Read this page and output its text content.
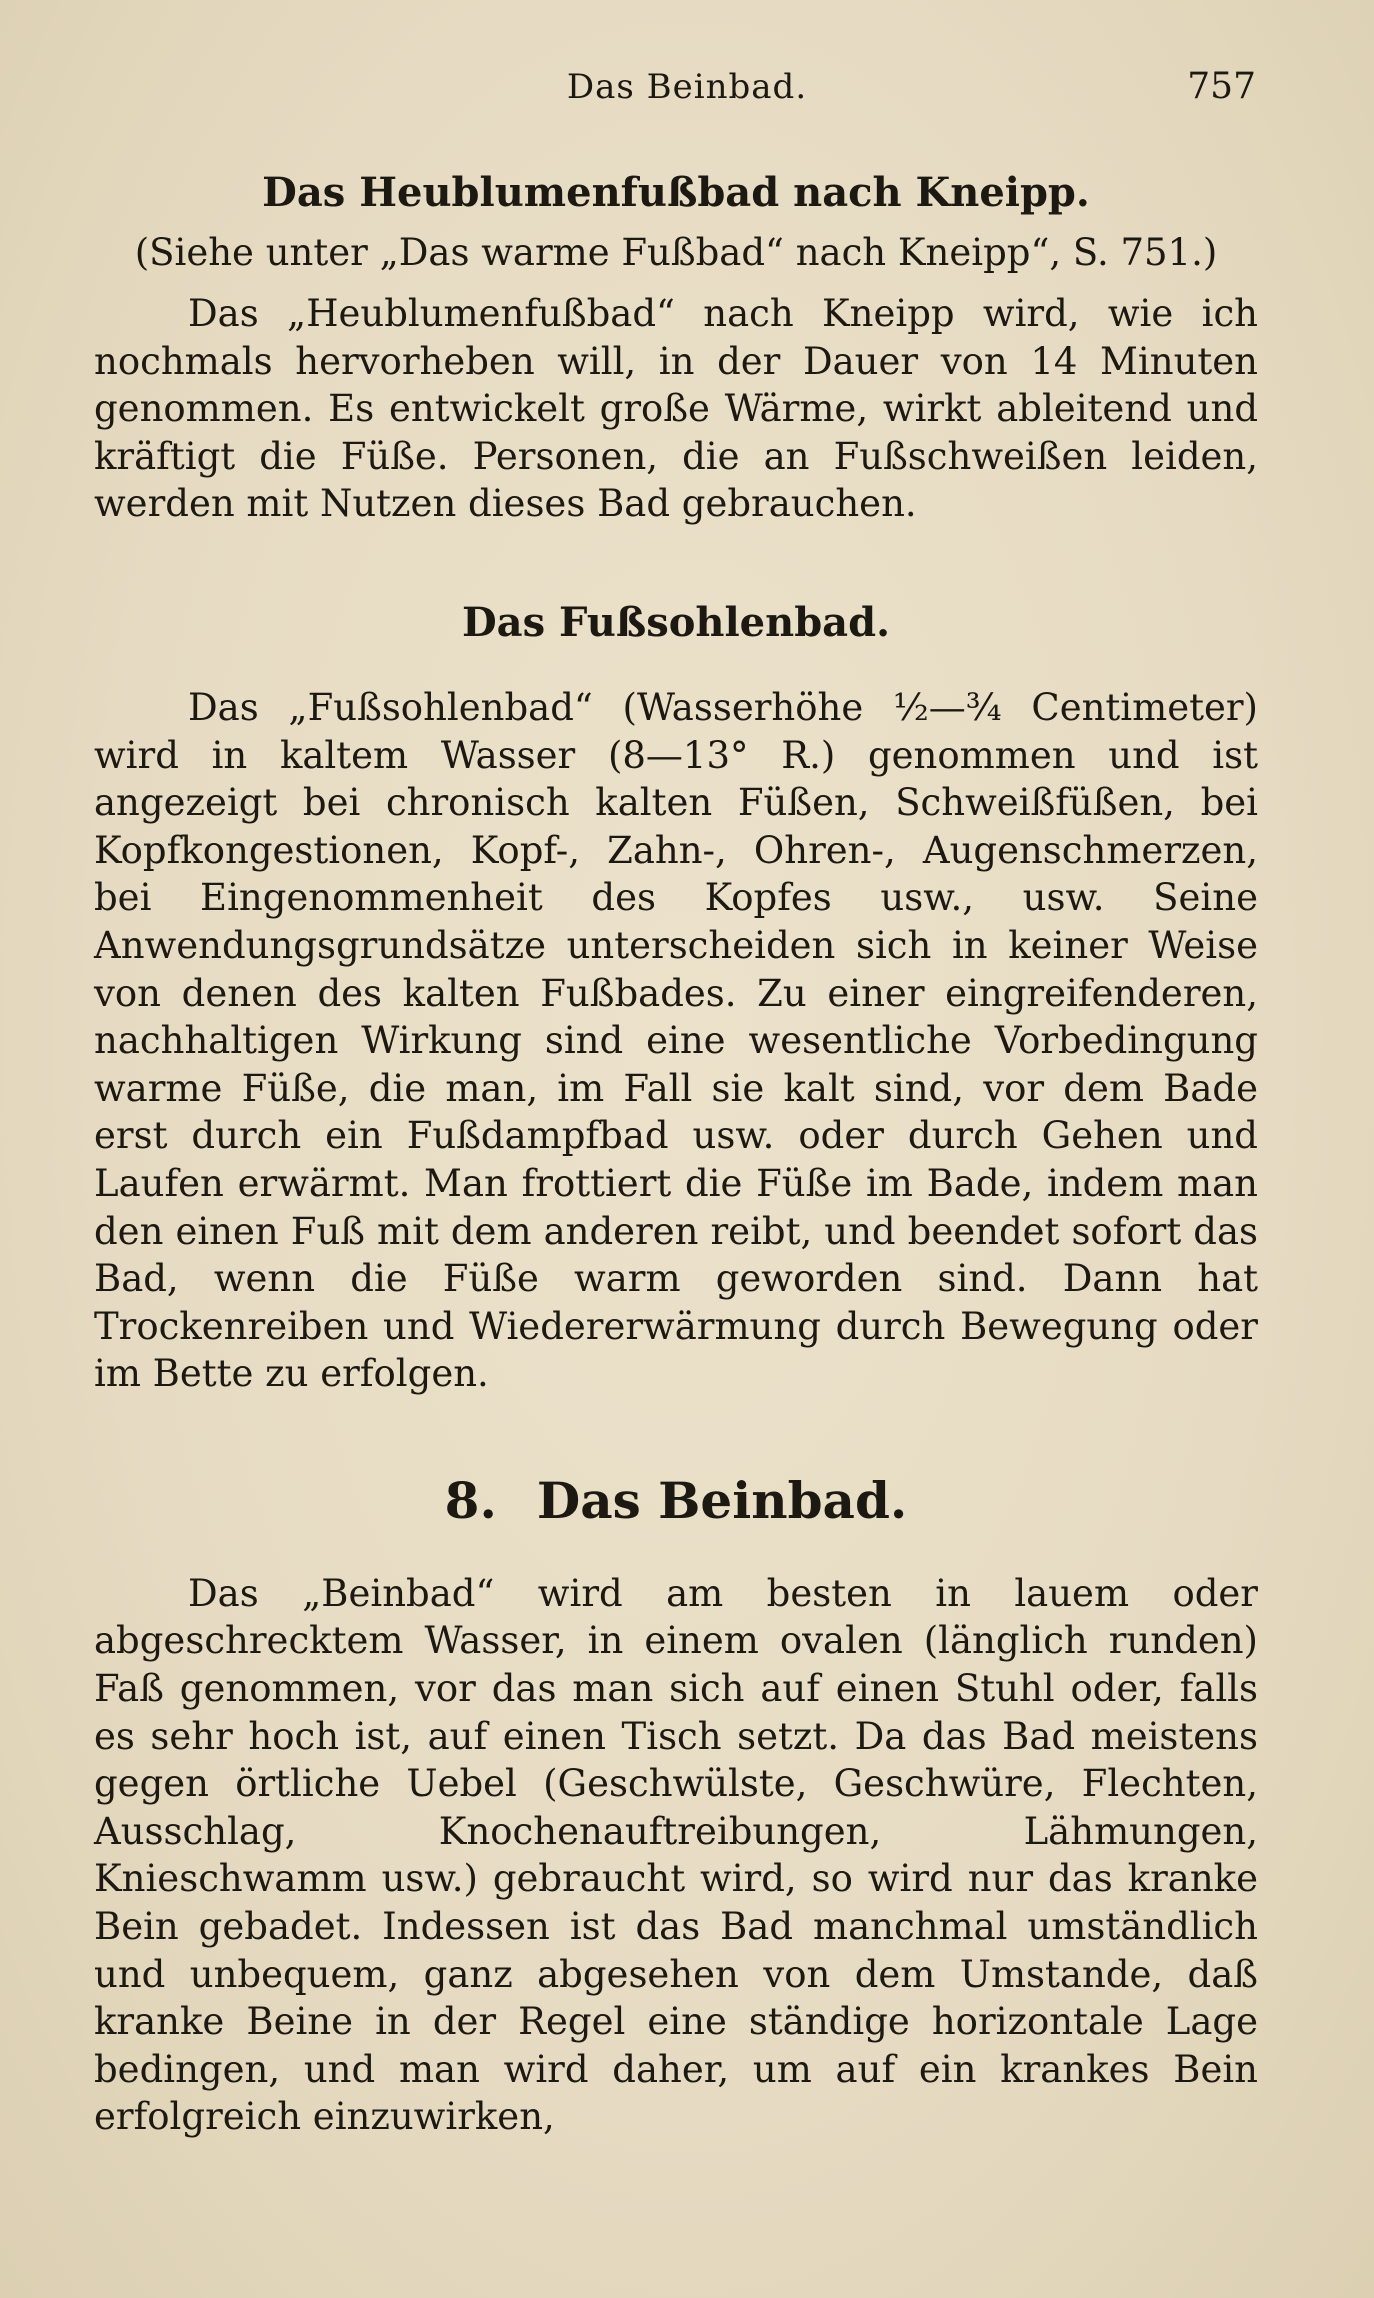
Das Beinbad.	757
Das Heublumenfußbad nach Kneipp.

(Siehe unter „Das warme Fußbad“ nach Kneipp“, S. 751.)

Das „Heublumenfußbad“ nach Kneipp wird, wie ich nochmals hervorheben will, in der Dauer von 14 Minuten genommen. Es entwickelt große Wärme, wirkt ableitend und kräftigt die Füße. Personen, die an Fußschweißen leiden, werden mit Nutzen dieses Bad gebrauchen.

Das Fußsohlenbad.

Das „Fußsohlenbad“ (Wasserhöhe ½—¾ Centimeter) wird in kaltem Wasser (8—13° R.) genommen und ist angezeigt bei chronisch kalten Füßen, Schweißfüßen, bei Kopfkongestionen, Kopf-, Zahn-, Ohren-, Augenschmerzen, bei Eingenommenheit des Kopfes usw., usw. Seine Anwendungsgrundsätze unterscheiden sich in keiner Weise von denen des kalten Fußbades. Zu einer eingreifenderen, nachhaltigen Wirkung sind eine wesentliche Vorbedingung warme Füße, die man, im Fall sie kalt sind, vor dem Bade erst durch ein Fußdampfbad usw. oder durch Gehen und Laufen erwärmt. Man frottiert die Füße im Bade, indem man den einen Fuß mit dem anderen reibt, und beendet sofort das Bad, wenn die Füße warm geworden sind. Dann hat Trockenreiben und Wiedererwärmung durch Bewegung oder im Bette zu erfolgen.

8. Das Beinbad.

Das „Beinbad“ wird am besten in lauem oder abgeschrecktem Wasser, in einem ovalen (länglich runden) Faß genommen, vor das man sich auf einen Stuhl oder, falls es sehr hoch ist, auf einen Tisch setzt. Da das Bad meistens gegen örtliche Uebel (Geschwülste, Geschwüre, Flechten, Ausschlag, Knochenauftreibungen, Lähmungen, Knieschwamm usw.) gebraucht wird, so wird nur das kranke Bein gebadet. Indessen ist das Bad manchmal umständlich und unbequem, ganz abgesehen von dem Umstande, daß kranke Beine in der Regel eine ständige horizontale Lage bedingen, und man wird daher, um auf ein krankes Bein erfolgreich einzuwirken,
